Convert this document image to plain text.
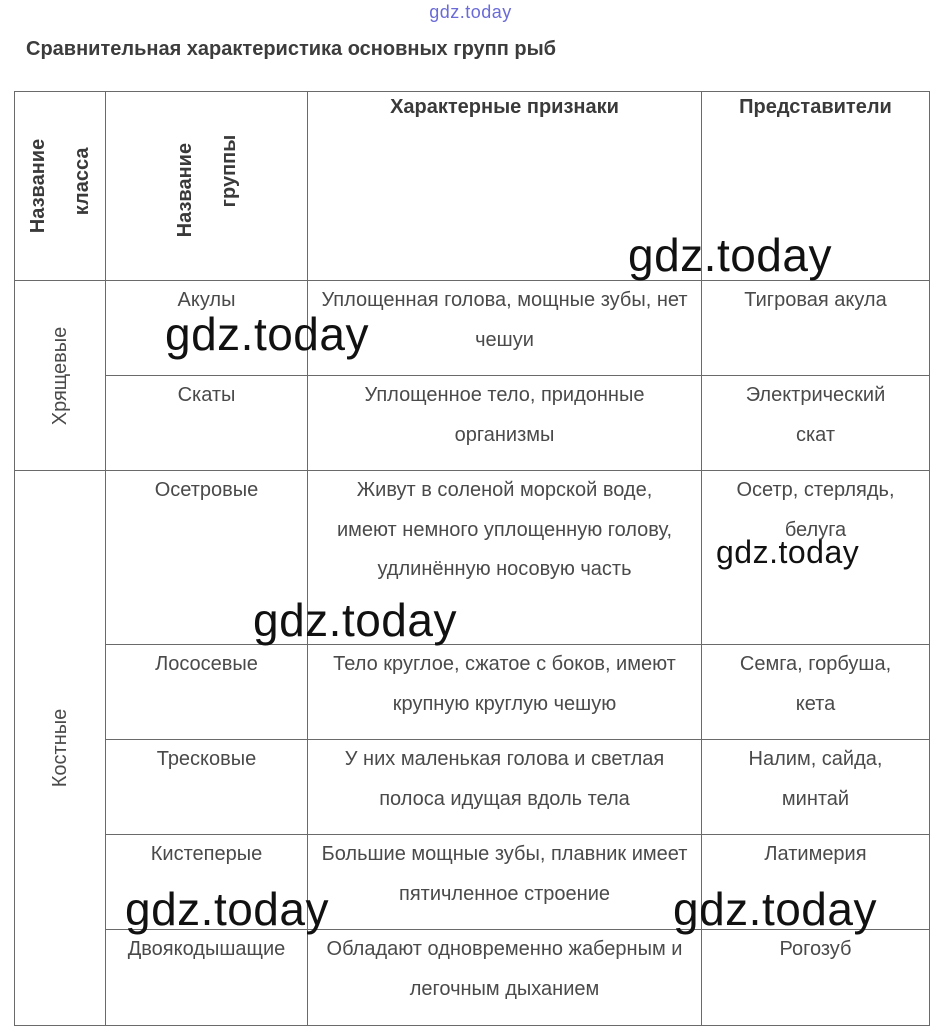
gdz.today
Сравнительная характеристика основных групп рыб
Название класса	Название группы	Характерные признаки	Представители

Хрящевые	Акулы	Уплощенная голова, мощные зубы, нет чешуи	Тигровая акула
	Скаты	Уплощенное тело, придонные организмы	Электрический скат

Костные	Осетровые	Живут в соленой морской воде, имеют немного уплощенную голову, удлинённую носовую часть	Осетр, стерлядь, белуга
	Лососевые	Тело круглое, сжатое с боков, имеют крупную круглую чешую	Семга, горбуша, кета
	Тресковые	У них маленькая голова и светлая полоса идущая вдоль тела	Налим, сайда, минтай
	Кистеперые	Большие мощные зубы, плавник имеет пятичленное строение	Латимерия
	Двоякодышащие	Обладают одновременно жаберным и легочным дыханием	Рогозуб
gdz.today
gdz.today
gdz.today
gdz.today
gdz.today	gdz.today
